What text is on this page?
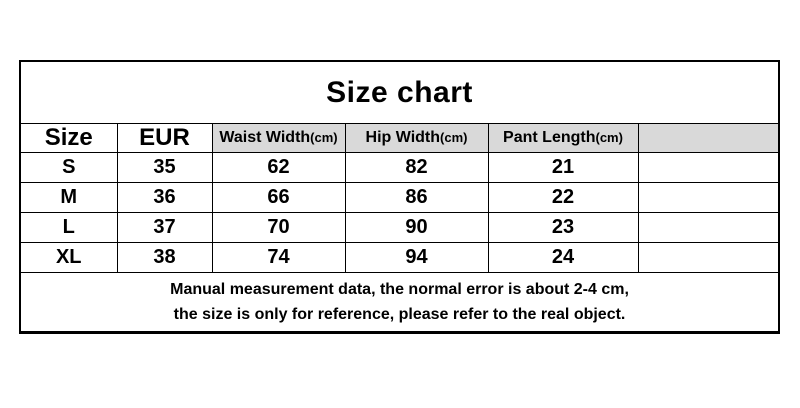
Size chart					
Size	EUR	Waist Width(cm)	Hip Width(cm)	Pant Length(cm)	
S	35	62	82	21	
M	36	66	86	22	
L	37	70	90	23	
XL	38	74	94	24	

Manual measurement data, the normal error is about 2-4 cm,
the size is only for reference, please refer to the real object.					
